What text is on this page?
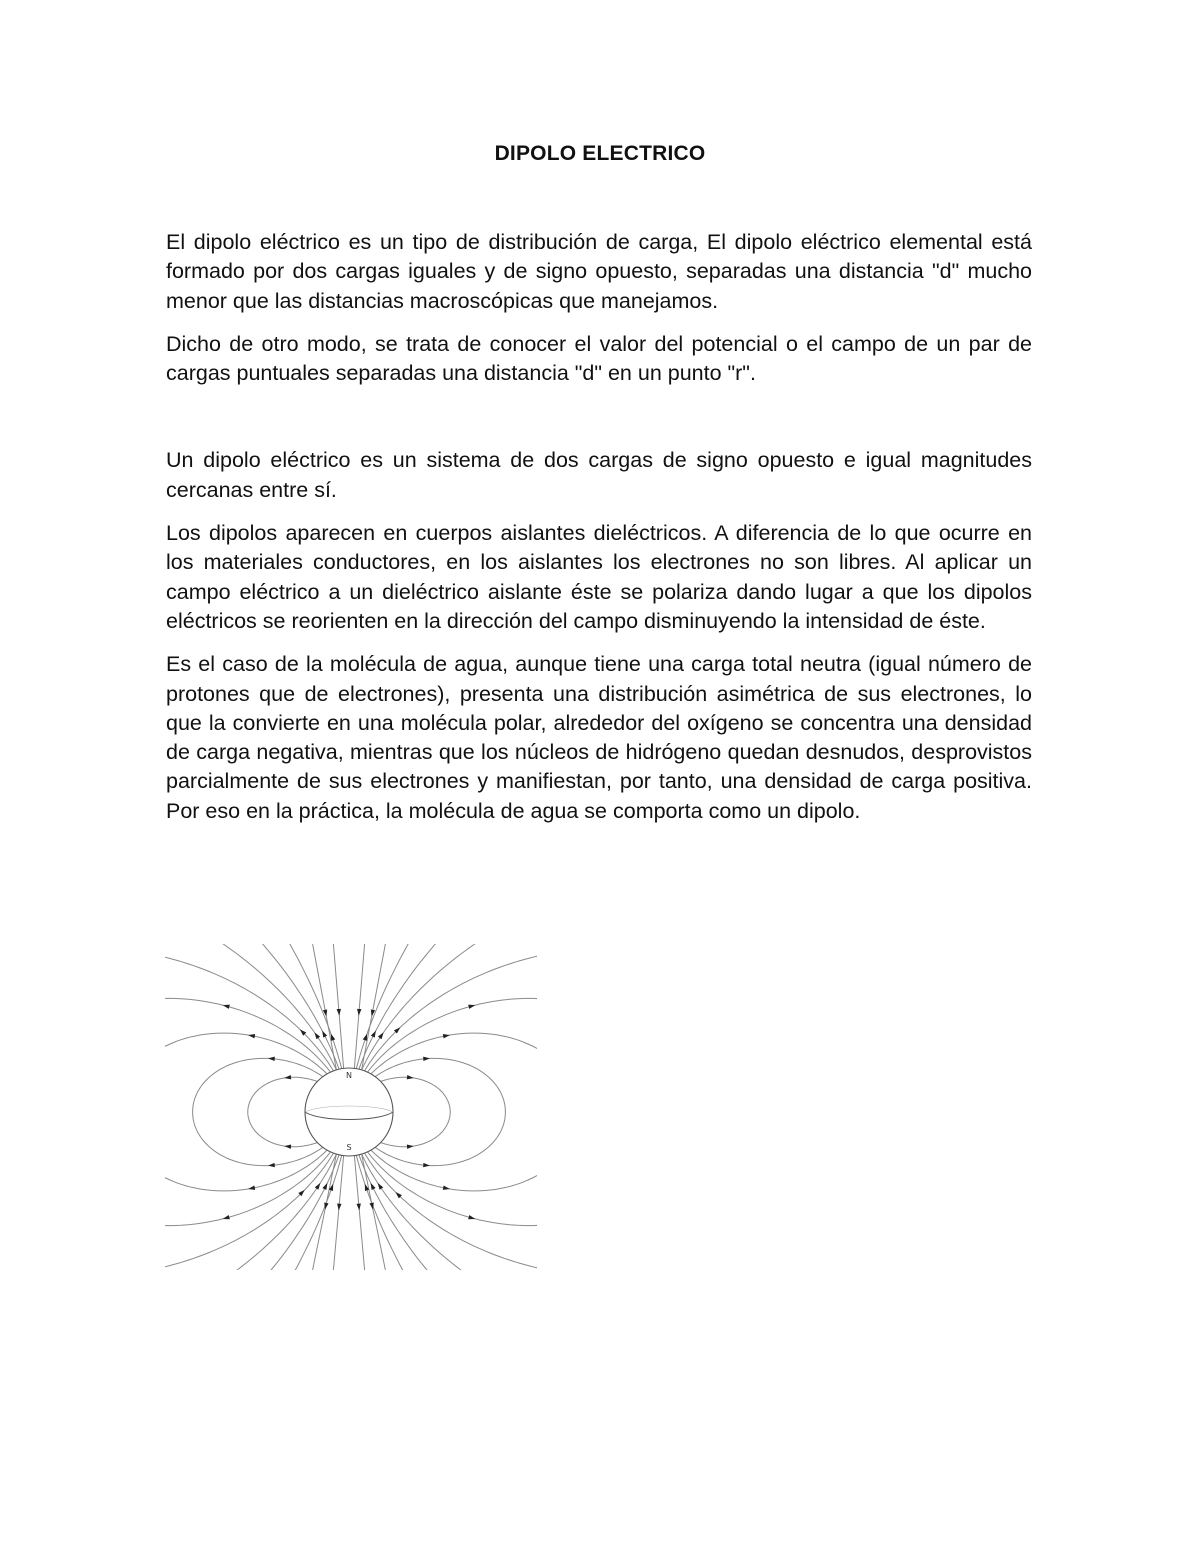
DIPOLO ELECTRICO

El dipolo eléctrico es un tipo de distribución de carga, El dipolo eléctrico elemental está formado por dos cargas iguales y de signo opuesto, separadas una distancia "d" mucho menor que las distancias macroscópicas que manejamos.

Dicho de otro modo, se trata de conocer el valor del potencial o el campo de un par de cargas puntuales separadas una distancia "d" en un punto "r".

Un dipolo eléctrico es un sistema de dos cargas de signo opuesto e igual magnitudes cercanas entre sí.

Los dipolos aparecen en cuerpos aislantes dieléctricos. A diferencia de lo que ocurre en los materiales conductores, en los aislantes los electrones no son libres. Al aplicar un campo eléctrico a un dieléctrico aislante éste se polariza dando lugar a que los dipolos eléctricos se reorienten en la dirección del campo disminuyendo la intensidad de éste.

Es el caso de la molécula de agua, aunque tiene una carga total neutra (igual número de protones que de electrones), presenta una distribución asimétrica de sus electrones, lo que la convierte en una molécula polar, alrededor del oxígeno se concentra una densidad de carga negativa, mientras que los núcleos de hidrógeno quedan desnudos, desprovistos parcialmente de sus electrones y manifiestan, por tanto, una densidad de carga positiva. Por eso en la práctica, la molécula de agua se comporta como un dipolo.

N
S
